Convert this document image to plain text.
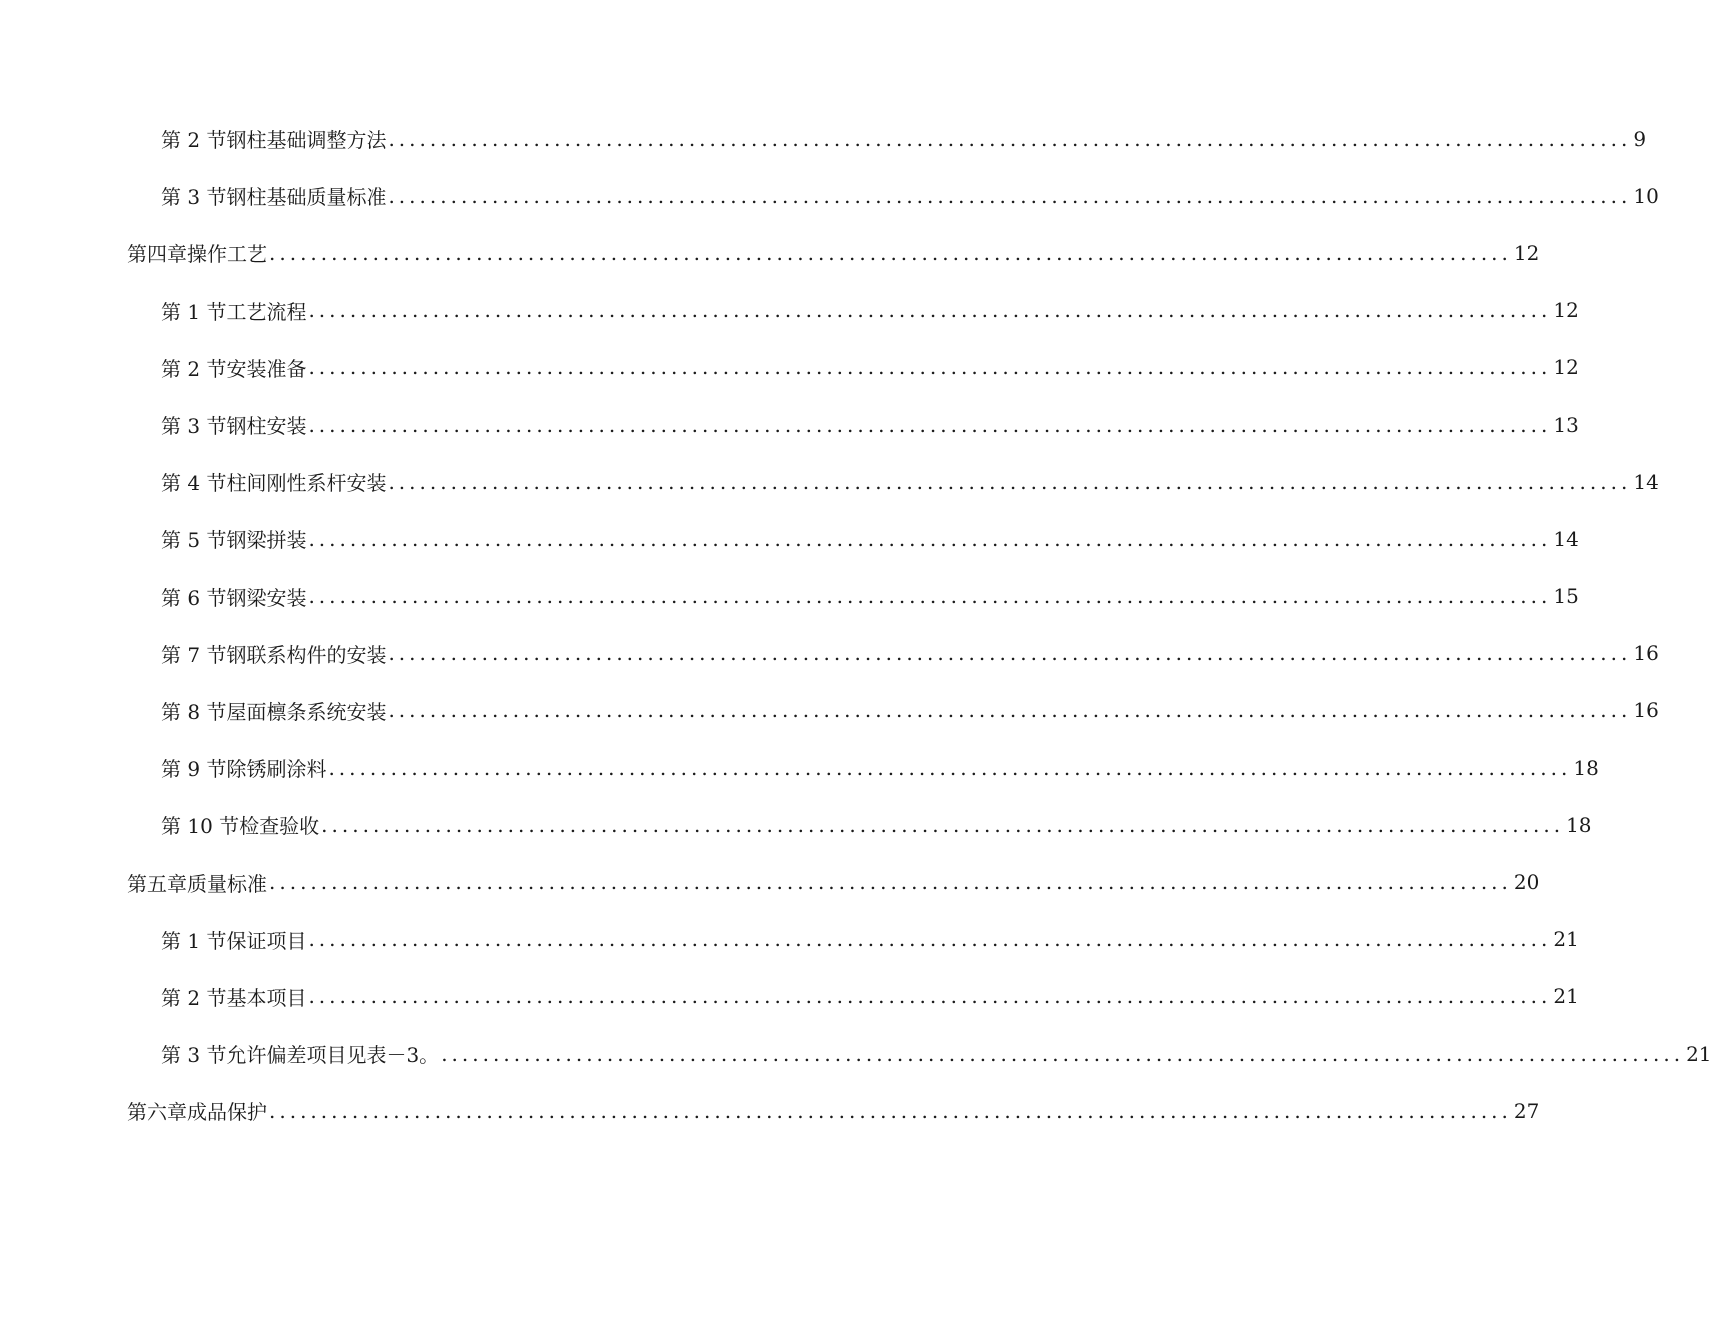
第 2 节 钢柱基础调整方法 ........................................................................................................................ 9
第 3 节 钢柱基础质量标准 ........................................................................................................................ 10
第四章 操作工艺 ........................................................................................................................ 12
第 1 节 工艺流程 ........................................................................................................................ 12
第 2 节 安装准备 ........................................................................................................................ 12
第 3 节 钢柱安装 ........................................................................................................................ 13
第 4 节 柱间刚性系杆安装 ........................................................................................................................ 14
第 5 节 钢梁拼装 ........................................................................................................................ 14
第 6 节 钢梁安装 ........................................................................................................................ 15
第 7 节 钢联系构件的安装 ........................................................................................................................ 16
第 8 节 屋面檩条系统安装 ........................................................................................................................ 16
第 9 节 除锈刷涂料 ........................................................................................................................ 18
第 10 节 检查验收 ........................................................................................................................ 18
第五章 质量标准 ........................................................................................................................ 20
第 1 节 保证项目 ........................................................................................................................ 21
第 2 节 基本项目 ........................................................................................................................ 21
第 3 节 允许偏差项目见表－3。 ........................................................................................................................ 21
第六章 成品保护 ........................................................................................................................ 27
